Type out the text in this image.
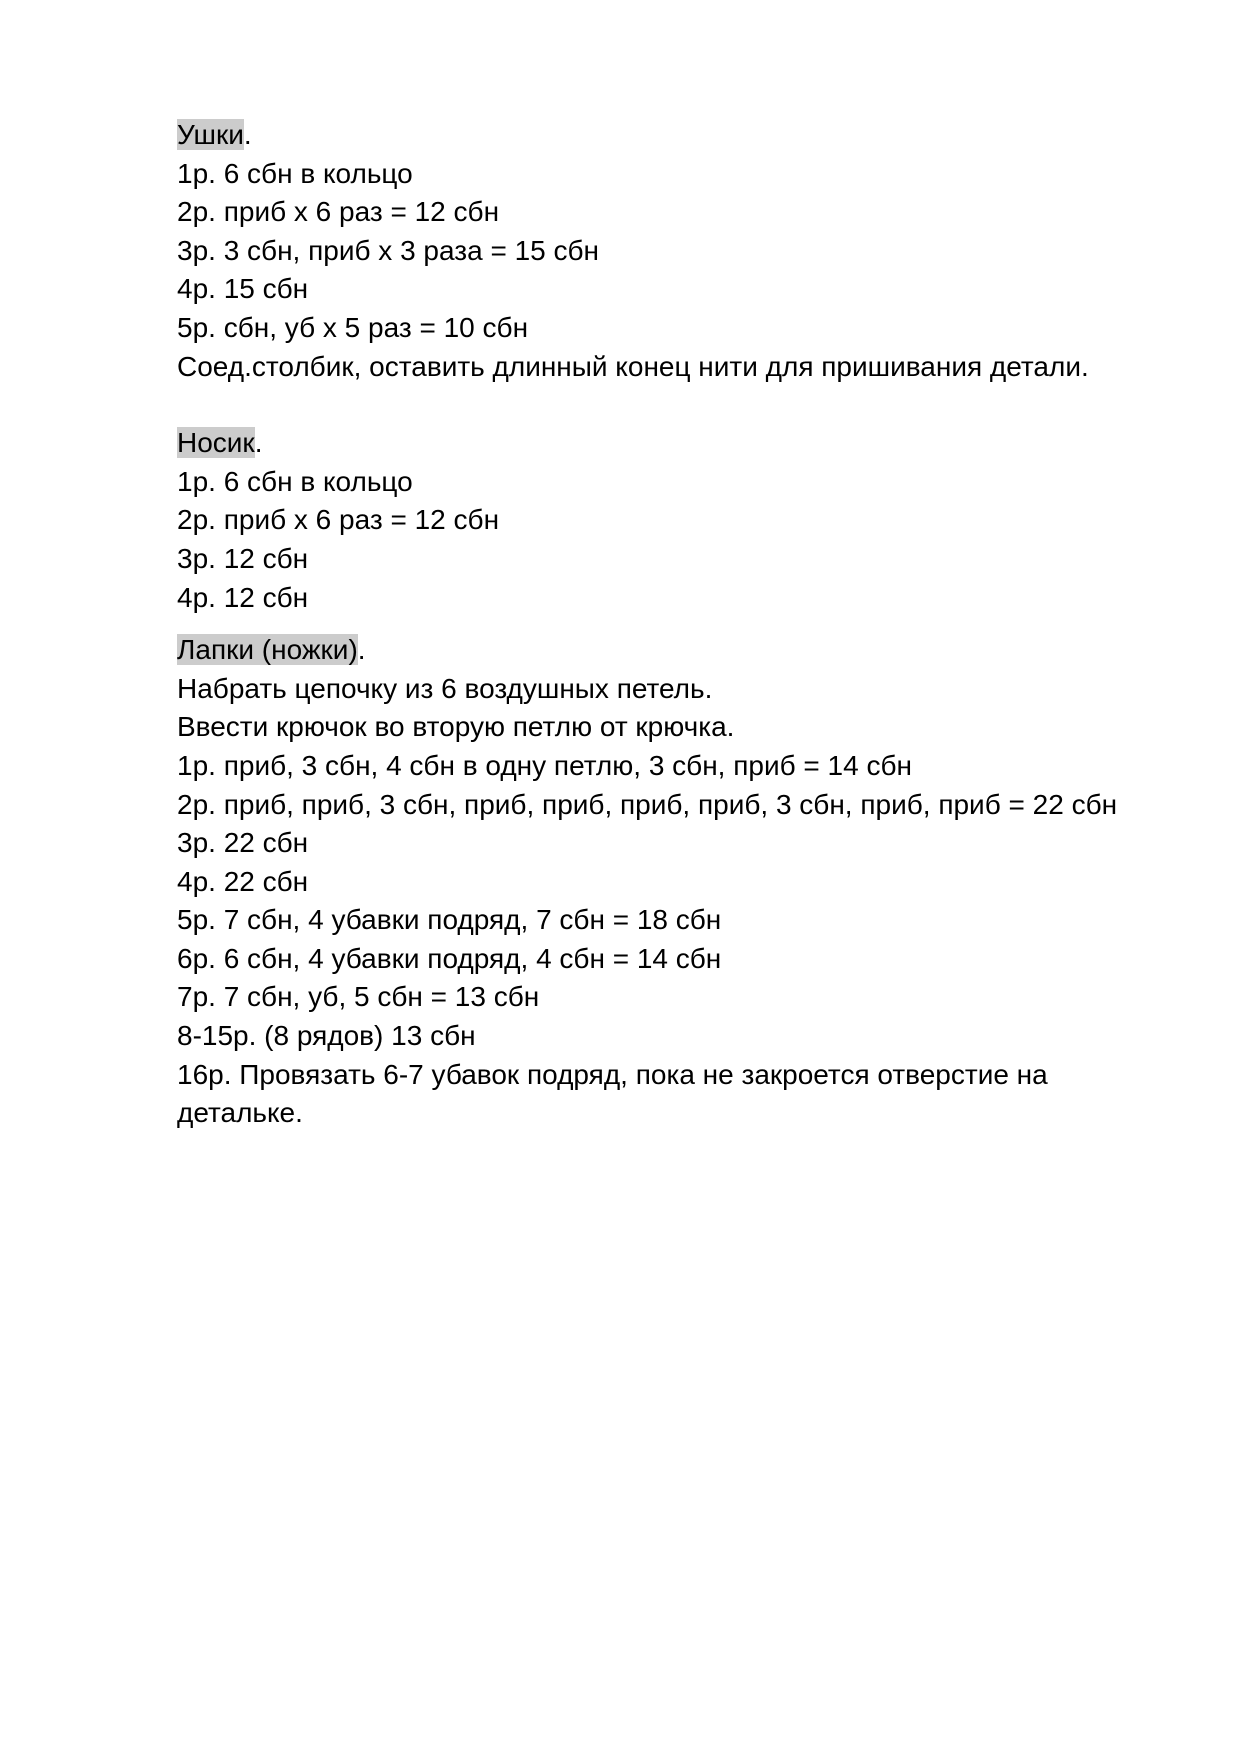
Ушки.

1р. 6 сбн в кольцо

2р. приб х 6 раз = 12 сбн

3р. 3 сбн, приб х 3 раза = 15 сбн

4р. 15 сбн

5р. сбн, уб х 5 раз = 10 сбн

Соед.столбик, оставить длинный конец нити для пришивания детали.

Носик.

1р. 6 сбн в кольцо

2р. приб х 6 раз = 12 сбн

3р. 12 сбн

4р. 12 сбн

Лапки (ножки).

Набрать цепочку из 6 воздушных петель.

Ввести крючок во вторую петлю от крючка.

1р. приб, 3 сбн, 4 сбн в одну петлю, 3 сбн, приб = 14 сбн

2р. приб, приб, 3 сбн, приб, приб, приб, приб, 3 сбн, приб, приб = 22 сбн

3р. 22 сбн

4р. 22 сбн

5р. 7 сбн, 4 убавки подряд, 7 сбн = 18 сбн

6р. 6 сбн, 4 убавки подряд, 4 сбн = 14 сбн

7р. 7 сбн, уб, 5 сбн = 13 сбн

8-15р. (8 рядов) 13 сбн

16р. Провязать 6-7 убавок подряд, пока не закроется отверстие на детальке.
